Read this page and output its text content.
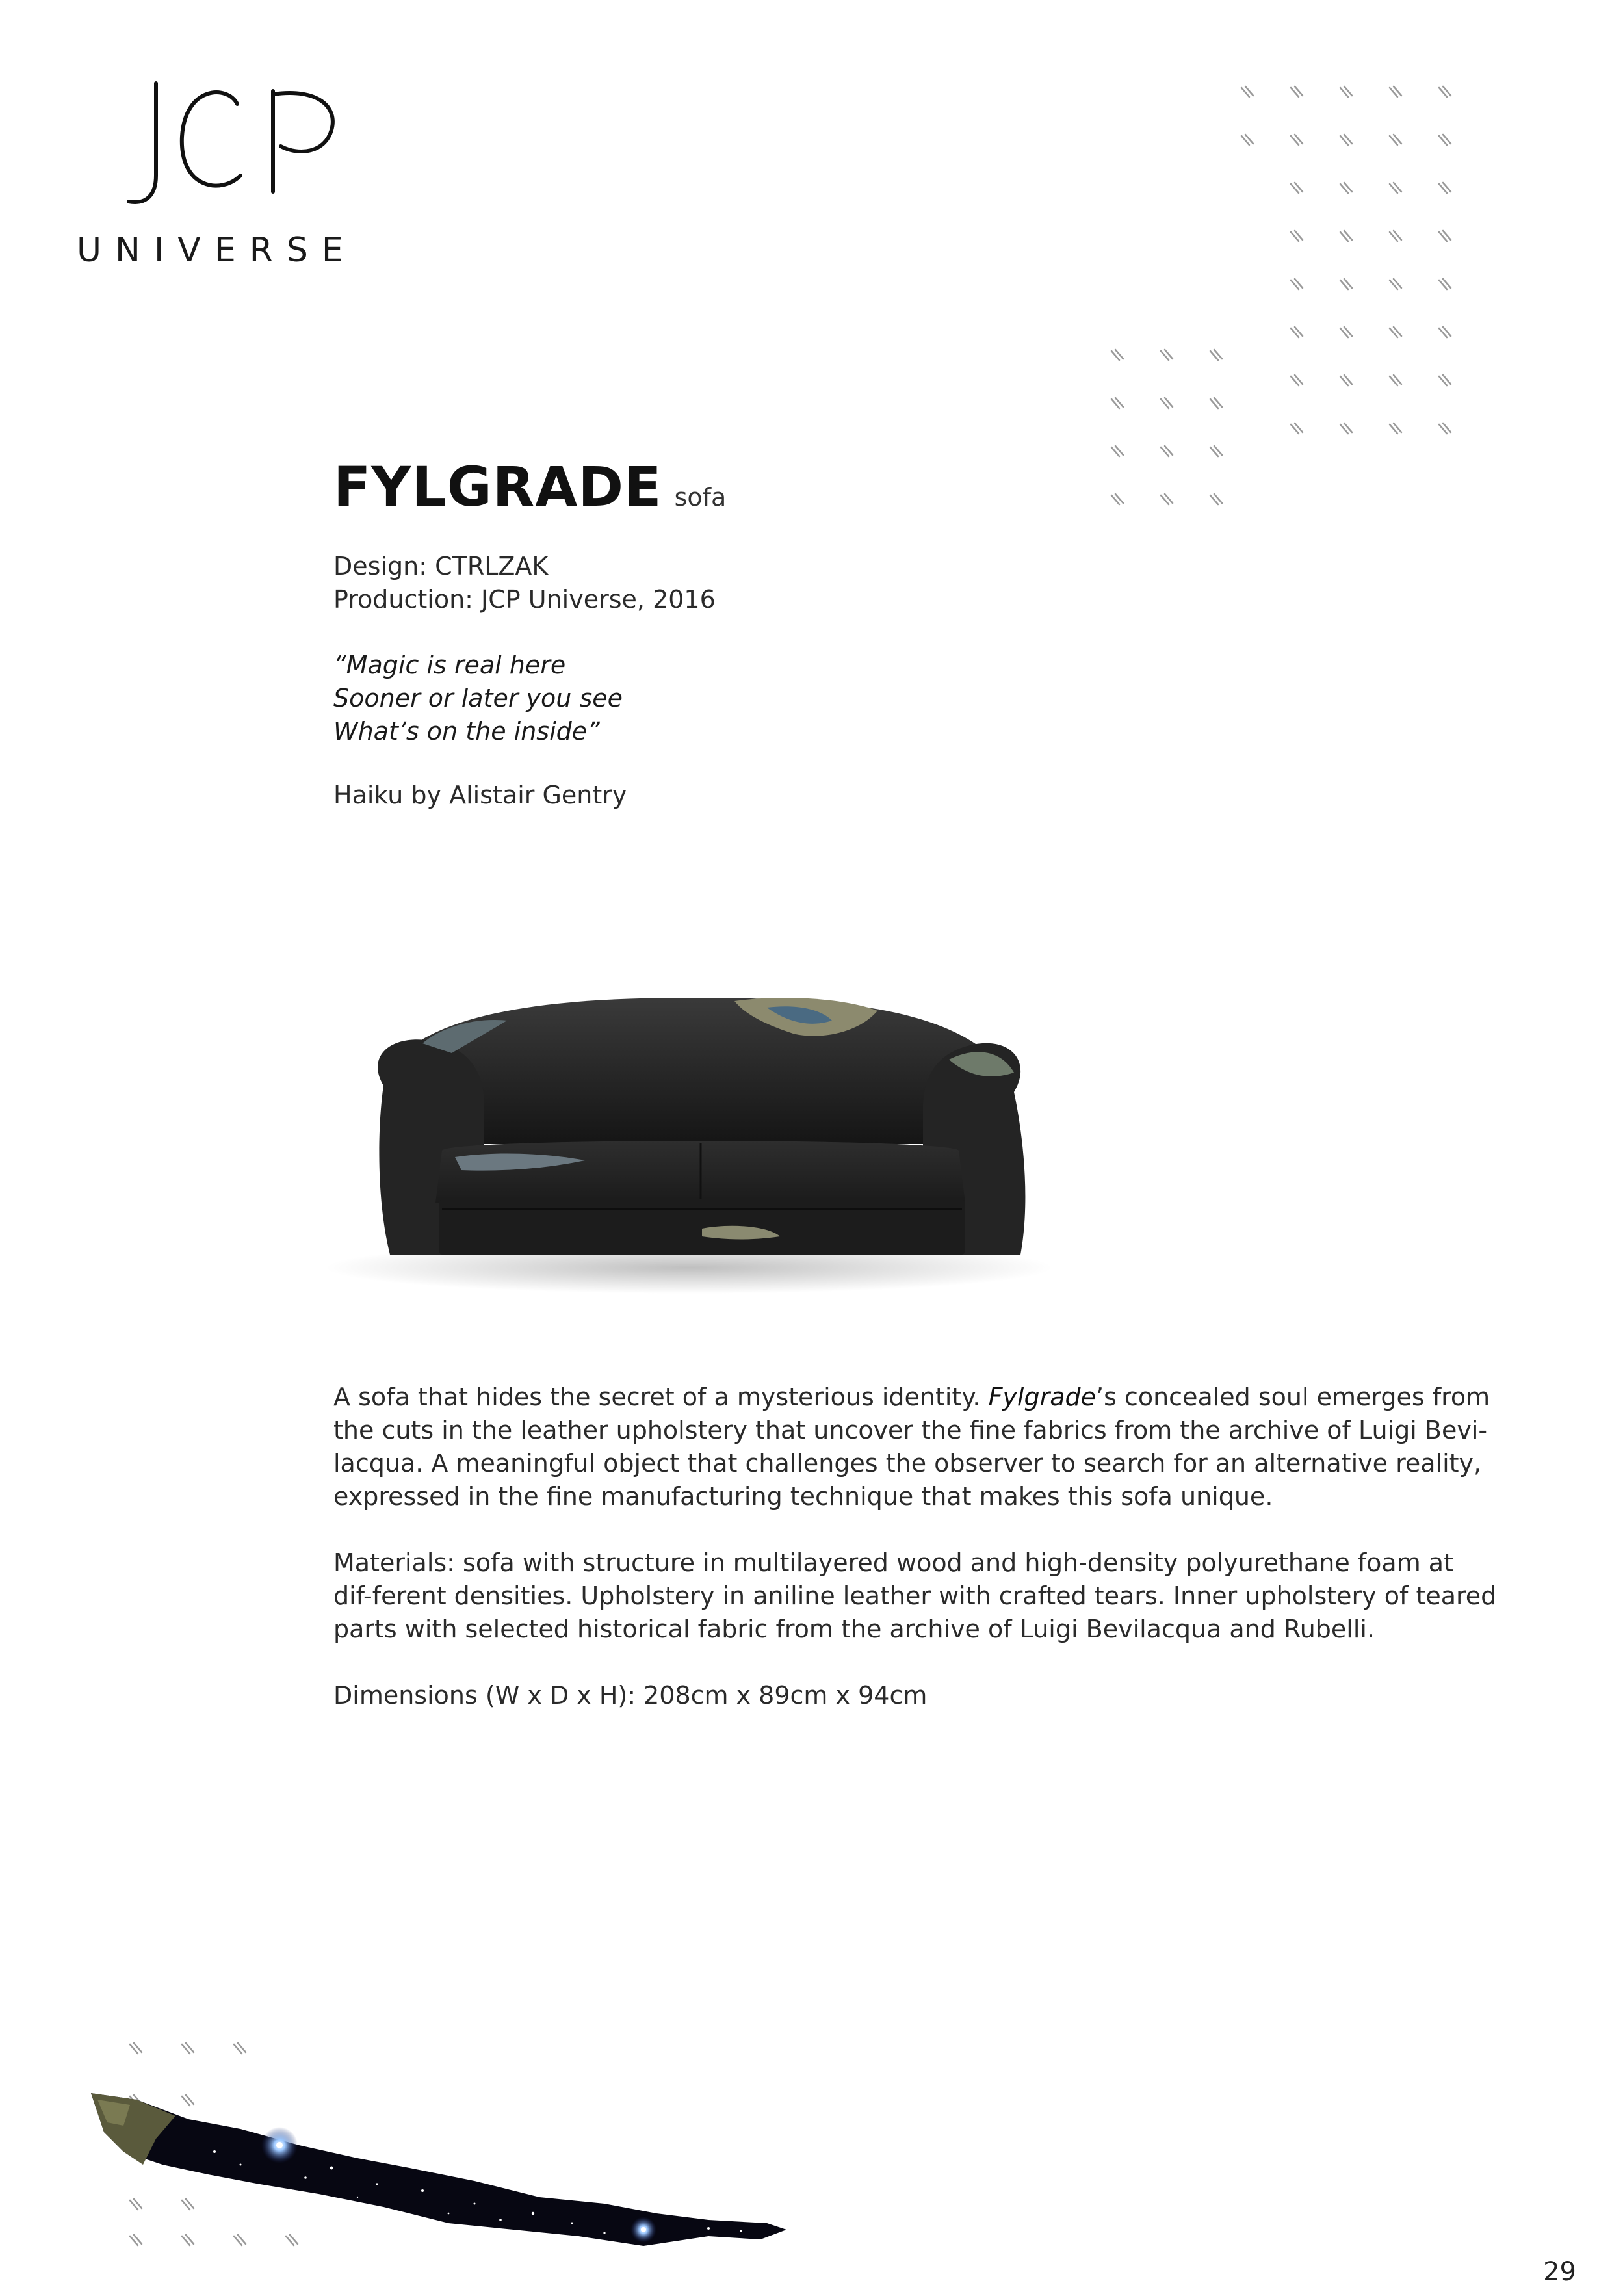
UNIVERSE
FYLGRADE sofa
Design: CTRLZAK
Production: JCP Universe, 2016
“Magic is real here
Sooner or later you see
What’s on the inside”
Haiku by Alistair Gentry

A sofa that hides the secret of a mysterious identity. Fylgrade’s concealed soul emerges from the cuts in the leather upholstery that uncover the fine fabrics from the archive of Luigi Bevi-lacqua. A meaningful object that challenges the observer to search for an alternative reality, expressed in the fine manufacturing technique that makes this sofa unique.

Materials: sofa with structure in multilayered wood and high-density polyurethane foam at dif-ferent densities. Upholstery in aniline leather with crafted tears. Inner upholstery of teared parts with selected historical fabric from the archive of Luigi Bevilacqua and Rubelli.

Dimensions (W x D x H): 208cm x 89cm x 94cm

29
